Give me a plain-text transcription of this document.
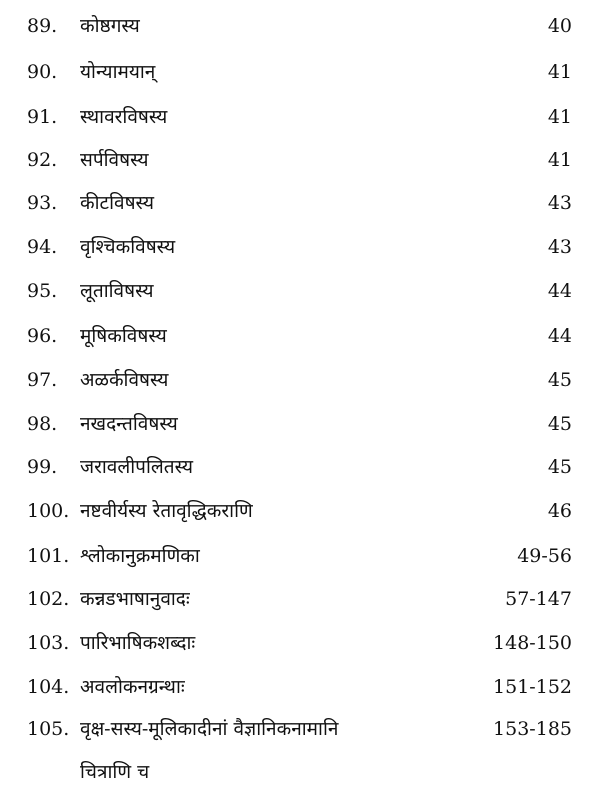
89. कोष्ठगस्य	40
90. योन्यामयान्	41
91. स्थावरविषस्य	41
92. सर्पविषस्य	41
93. कीटविषस्य	43
94. वृश्चिकविषस्य	43
95. लूताविषस्य	44
96. मूषिकविषस्य	44
97. अळर्कविषस्य	45
98. नखदन्तविषस्य	45
99. जरावलीपलितस्य	45
100. नष्टवीर्यस्य रेतावृद्धिकराणि	46
101. श्लोकानुक्रमणिका	49-56
102. कन्नडभाषानुवादः	57-147
103. पारिभाषिकशब्दाः	148-150
104. अवलोकनग्रन्थाः	151-152
105. वृक्ष-सस्य-मूलिकादीनां वैज्ञानिकनामानि	153-185
चित्राणि च
